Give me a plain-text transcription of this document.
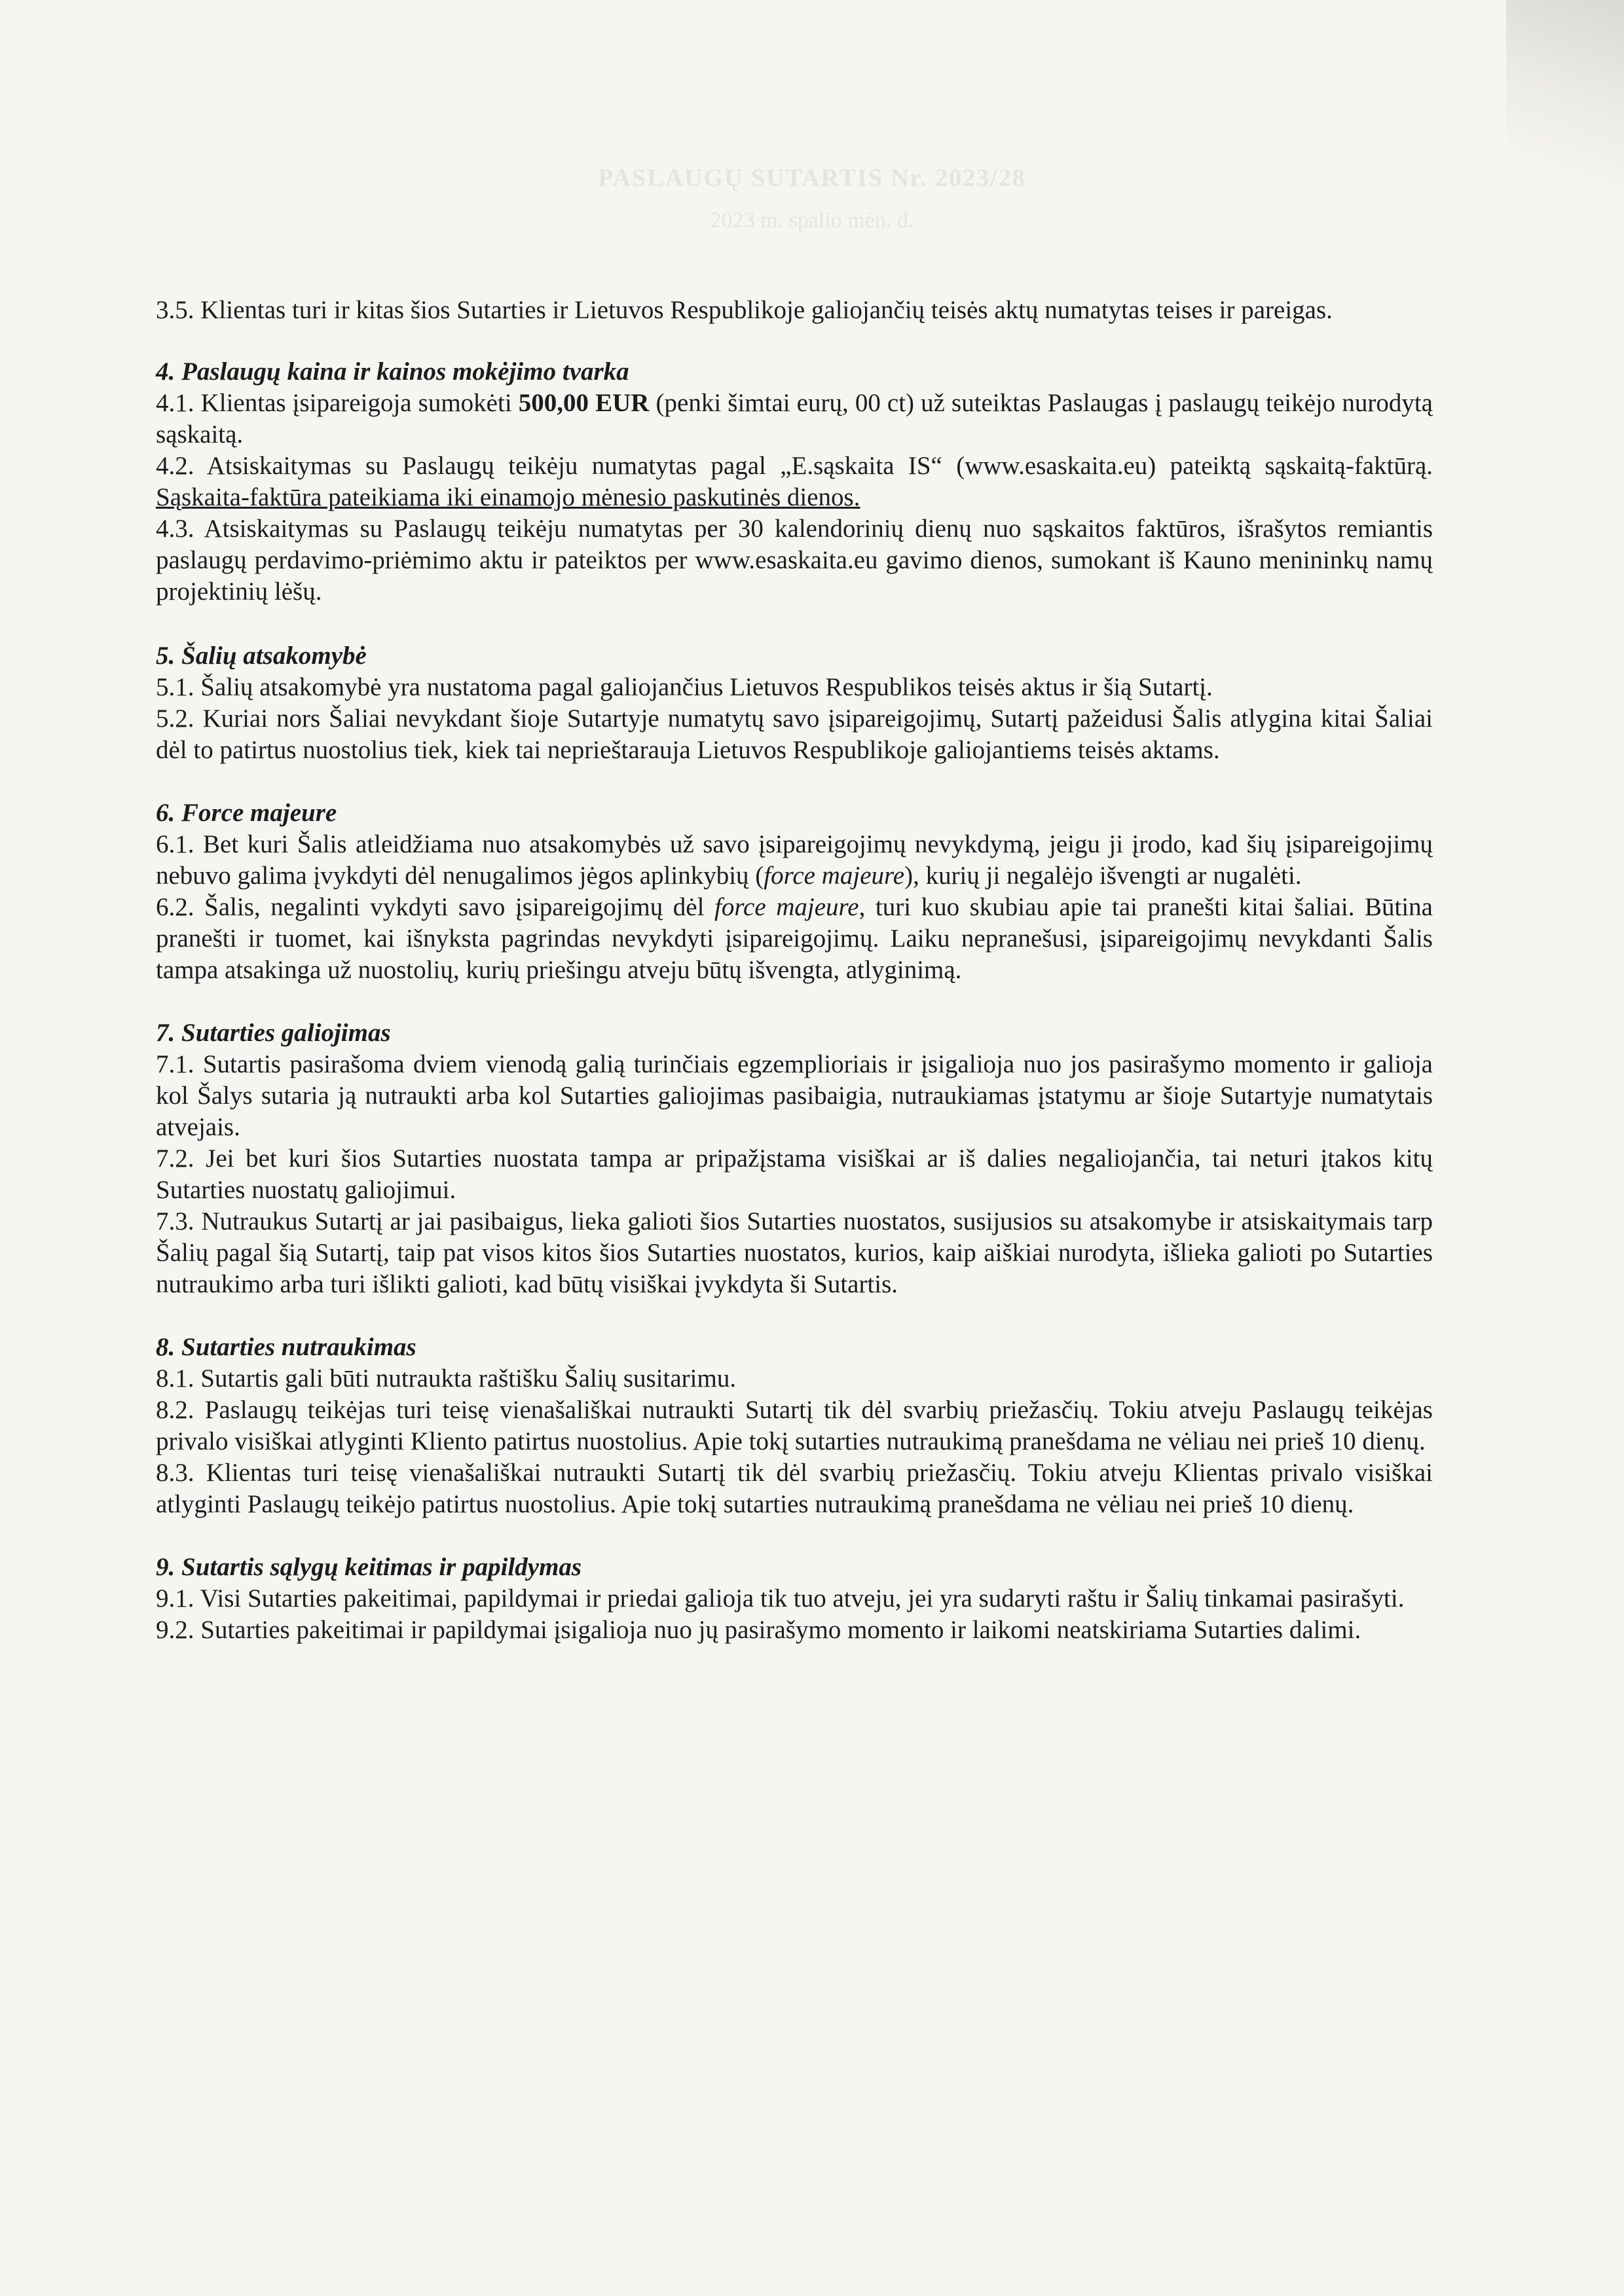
PASLAUGŲ SUTARTIS Nr. 2023/28
2023 m. spalio mėn. d.

3.5. Klientas turi ir kitas šios Sutarties ir Lietuvos Respublikoje galiojančių teisės aktų numatytas teises ir pareigas.

4. Paslaugų kaina ir kainos mokėjimo tvarka

4.1. Klientas įsipareigoja sumokėti 500,00 EUR (penki šimtai eurų, 00 ct) už suteiktas Paslaugas į paslaugų teikėjo nurodytą sąskaitą.

4.2. Atsiskaitymas su Paslaugų teikėju numatytas pagal „E.sąskaita IS“ (www.esaskaita.eu) pateiktą sąskaitą-faktūrą. Sąskaita-faktūra pateikiama iki einamojo mėnesio paskutinės dienos.

4.3. Atsiskaitymas su Paslaugų teikėju numatytas per 30 kalendorinių dienų nuo sąskaitos faktūros, išrašytos remiantis paslaugų perdavimo-priėmimo aktu ir pateiktos per www.esaskaita.eu gavimo dienos, sumokant iš Kauno menininkų namų projektinių lėšų.

5. Šalių atsakomybė

5.1. Šalių atsakomybė yra nustatoma pagal galiojančius Lietuvos Respublikos teisės aktus ir šią Sutartį.

5.2. Kuriai nors Šaliai nevykdant šioje Sutartyje numatytų savo įsipareigojimų, Sutartį pažeidusi Šalis atlygina kitai Šaliai dėl to patirtus nuostolius tiek, kiek tai neprieštarauja Lietuvos Respublikoje galiojantiems teisės aktams.

6. Force majeure

6.1. Bet kuri Šalis atleidžiama nuo atsakomybės už savo įsipareigojimų nevykdymą, jeigu ji įrodo, kad šių įsipareigojimų nebuvo galima įvykdyti dėl nenugalimos jėgos aplinkybių (force majeure), kurių ji negalėjo išvengti ar nugalėti.

6.2. Šalis, negalinti vykdyti savo įsipareigojimų dėl force majeure, turi kuo skubiau apie tai pranešti kitai šaliai. Būtina pranešti ir tuomet, kai išnyksta pagrindas nevykdyti įsipareigojimų. Laiku nepranešusi, įsipareigojimų nevykdanti Šalis tampa atsakinga už nuostolių, kurių priešingu atveju būtų išvengta, atlyginimą.

7. Sutarties galiojimas

7.1. Sutartis pasirašoma dviem vienodą galią turinčiais egzemplioriais ir įsigalioja nuo jos pasirašymo momento ir galioja kol Šalys sutaria ją nutraukti arba kol Sutarties galiojimas pasibaigia, nutraukiamas įstatymu ar šioje Sutartyje numatytais atvejais.

7.2. Jei bet kuri šios Sutarties nuostata tampa ar pripažįstama visiškai ar iš dalies negaliojančia, tai neturi įtakos kitų Sutarties nuostatų galiojimui.

7.3. Nutraukus Sutartį ar jai pasibaigus, lieka galioti šios Sutarties nuostatos, susijusios su atsakomybe ir atsiskaitymais tarp Šalių pagal šią Sutartį, taip pat visos kitos šios Sutarties nuostatos, kurios, kaip aiškiai nurodyta, išlieka galioti po Sutarties nutraukimo arba turi išlikti galioti, kad būtų visiškai įvykdyta ši Sutartis.

8. Sutarties nutraukimas

8.1. Sutartis gali būti nutraukta raštišku Šalių susitarimu.

8.2. Paslaugų teikėjas turi teisę vienašališkai nutraukti Sutartį tik dėl svarbių priežasčių. Tokiu atveju Paslaugų teikėjas privalo visiškai atlyginti Kliento patirtus nuostolius. Apie tokį sutarties nutraukimą pranešdama ne vėliau nei prieš 10 dienų.

8.3. Klientas turi teisę vienašališkai nutraukti Sutartį tik dėl svarbių priežasčių. Tokiu atveju Klientas privalo visiškai atlyginti Paslaugų teikėjo patirtus nuostolius. Apie tokį sutarties nutraukimą pranešdama ne vėliau nei prieš 10 dienų.

9. Sutartis sąlygų keitimas ir papildymas

9.1. Visi Sutarties pakeitimai, papildymai ir priedai galioja tik tuo atveju, jei yra sudaryti raštu ir Šalių tinkamai pasirašyti.

9.2. Sutarties pakeitimai ir papildymai įsigalioja nuo jų pasirašymo momento ir laikomi neatskiriama Sutarties dalimi.
